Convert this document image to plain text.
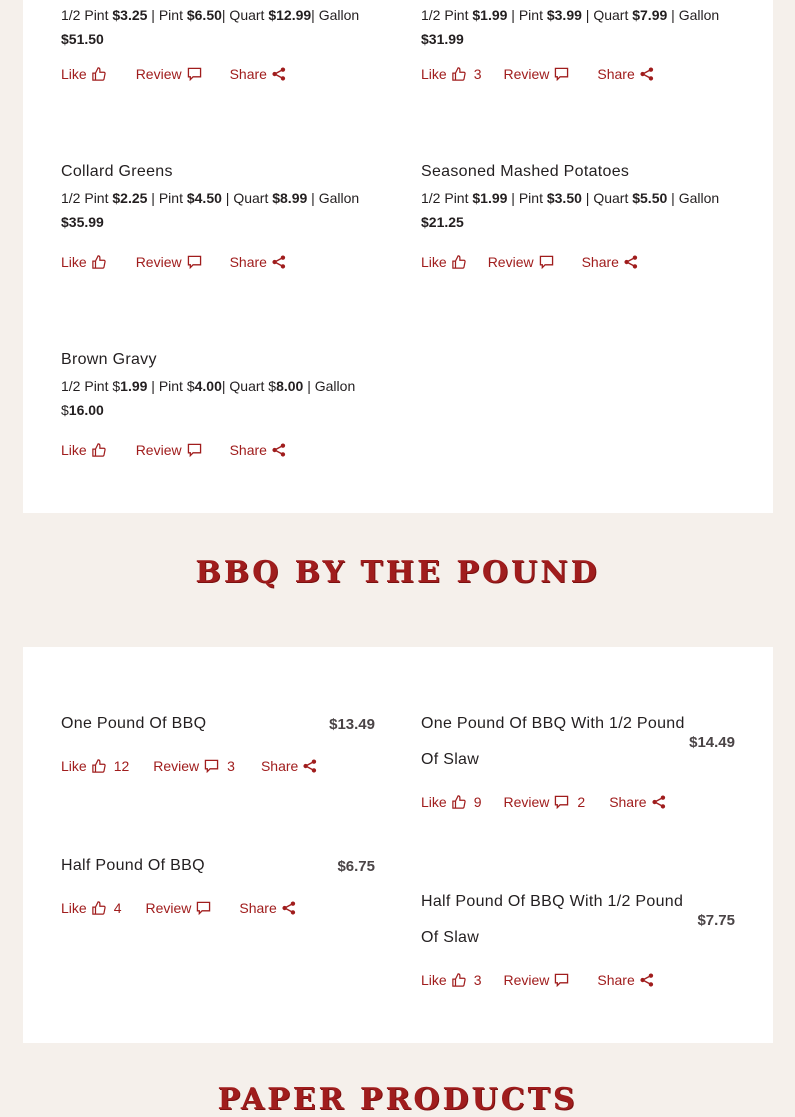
1/2 Pint $3.25 | Pint $6.50| Quart $12.99| Gallon $51.50
Like	Review	Share
1/2 Pint $1.99 | Pint $3.99 | Quart $7.99 | Gallon $31.99
Like 3 Review	Share
Collard Greens
1/2 Pint $2.25 | Pint $4.50 | Quart $8.99 | Gallon $35.99
Like	Review	Share
Seasoned Mashed Potatoes
1/2 Pint $1.99 | Pint $3.50 | Quart $5.50 | Gallon $21.25
Like	Review	Share
Brown Gravy
1/2 Pint $1.99 | Pint $4.00| Quart $8.00 | Gallon $16.00
Like	Review	Share
BBQ BY THE POUND
One Pound Of BBQ	$13.49
Like 12 Review 3 Share
One Pound Of BBQ With 1/2 Pound Of Slaw
$14.49
Like 9 Review 2 Share
Half Pound Of BBQ	$6.75
Like 4 Review	Share	Half Pound Of BBQ With 1/2 Pound Of Slaw
$7.75
Like 3 Review	Share
PAPER PRODUCTS
